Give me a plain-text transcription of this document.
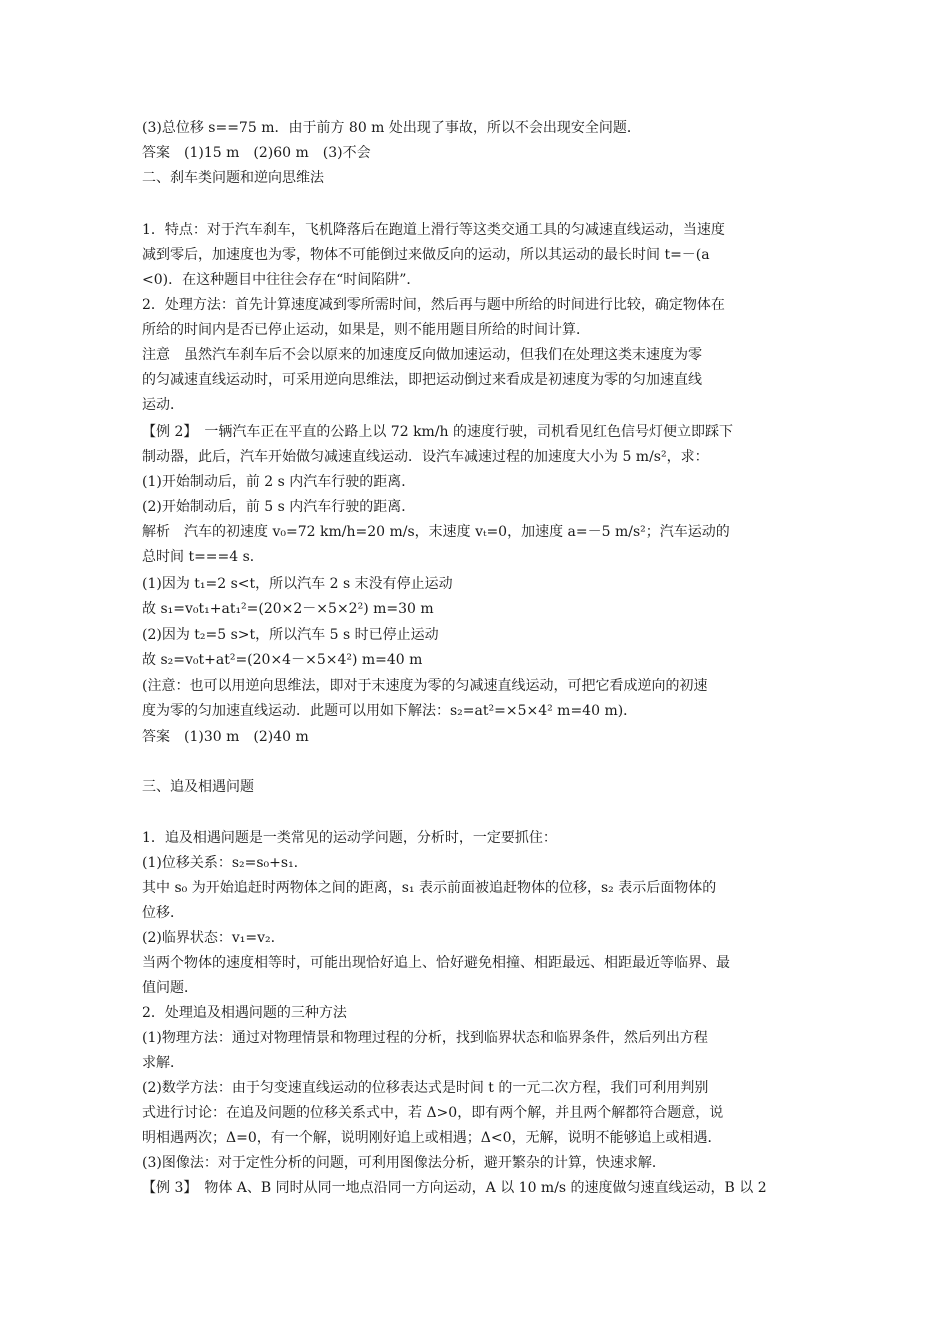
(3)总位移 s==75 m．由于前方 80 m 处出现了事故，所以不会出现安全问题．
答案　(1)15 m　(2)60 m　(3)不会
二、刹车类问题和逆向思维法
1．特点：对于汽车刹车，飞机降落后在跑道上滑行等这类交通工具的匀减速直线运动，当速度
减到零后，加速度也为零，物体不可能倒过来做反向的运动，所以其运动的最长时间 t=－(a
<0)．在这种题目中往往会存在“时间陷阱”．
2．处理方法：首先计算速度减到零所需时间，然后再与题中所给的时间进行比较，确定物体在
所给的时间内是否已停止运动，如果是，则不能用题目所给的时间计算．
注意　虽然汽车刹车后不会以原来的加速度反向做加速运动，但我们在处理这类末速度为零
的匀减速直线运动时，可采用逆向思维法，即把运动倒过来看成是初速度为零的匀加速直线
运动．
【例 2】　一辆汽车正在平直的公路上以 72 km/h 的速度行驶，司机看见红色信号灯便立即踩下
制动器，此后，汽车开始做匀减速直线运动．设汽车减速过程的加速度大小为 5 m/s²，求：
(1)开始制动后，前 2 s 内汽车行驶的距离．
(2)开始制动后，前 5 s 内汽车行驶的距离．
解析　汽车的初速度 v₀=72 km/h=20 m/s，末速度 vₜ=0，加速度 a=－5 m/s²；汽车运动的
总时间 t===4 s．
(1)因为 t₁=2 s<t，所以汽车 2 s 末没有停止运动
故 s₁=v₀t₁+at₁²=(20×2－×5×2²) m=30 m
(2)因为 t₂=5 s>t，所以汽车 5 s 时已停止运动
故 s₂=v₀t+at²=(20×4－×5×4²) m=40 m
(注意：也可以用逆向思维法，即对于末速度为零的匀减速直线运动，可把它看成逆向的初速
度为零的匀加速直线运动．此题可以用如下解法：s₂=at²=×5×4² m=40 m)．
答案　(1)30 m　(2)40 m
三、追及相遇问题
1．追及相遇问题是一类常见的运动学问题，分析时，一定要抓住：
(1)位移关系：s₂=s₀+s₁.
其中 s₀ 为开始追赶时两物体之间的距离，s₁ 表示前面被追赶物体的位移，s₂ 表示后面物体的
位移．
(2)临界状态：v₁=v₂.
当两个物体的速度相等时，可能出现恰好追上、恰好避免相撞、相距最远、相距最近等临界、最
值问题．
2．处理追及相遇问题的三种方法
(1)物理方法：通过对物理情景和物理过程的分析，找到临界状态和临界条件，然后列出方程
求解．
(2)数学方法：由于匀变速直线运动的位移表达式是时间 t 的一元二次方程，我们可利用判别
式进行讨论：在追及问题的位移关系式中，若 Δ>0，即有两个解，并且两个解都符合题意，说
明相遇两次；Δ=0，有一个解，说明刚好追上或相遇；Δ<0，无解，说明不能够追上或相遇．
(3)图像法：对于定性分析的问题，可利用图像法分析，避开繁杂的计算，快速求解．
【例 3】　物体 A、B 同时从同一地点沿同一方向运动，A 以 10 m/s 的速度做匀速直线运动，B 以 2
